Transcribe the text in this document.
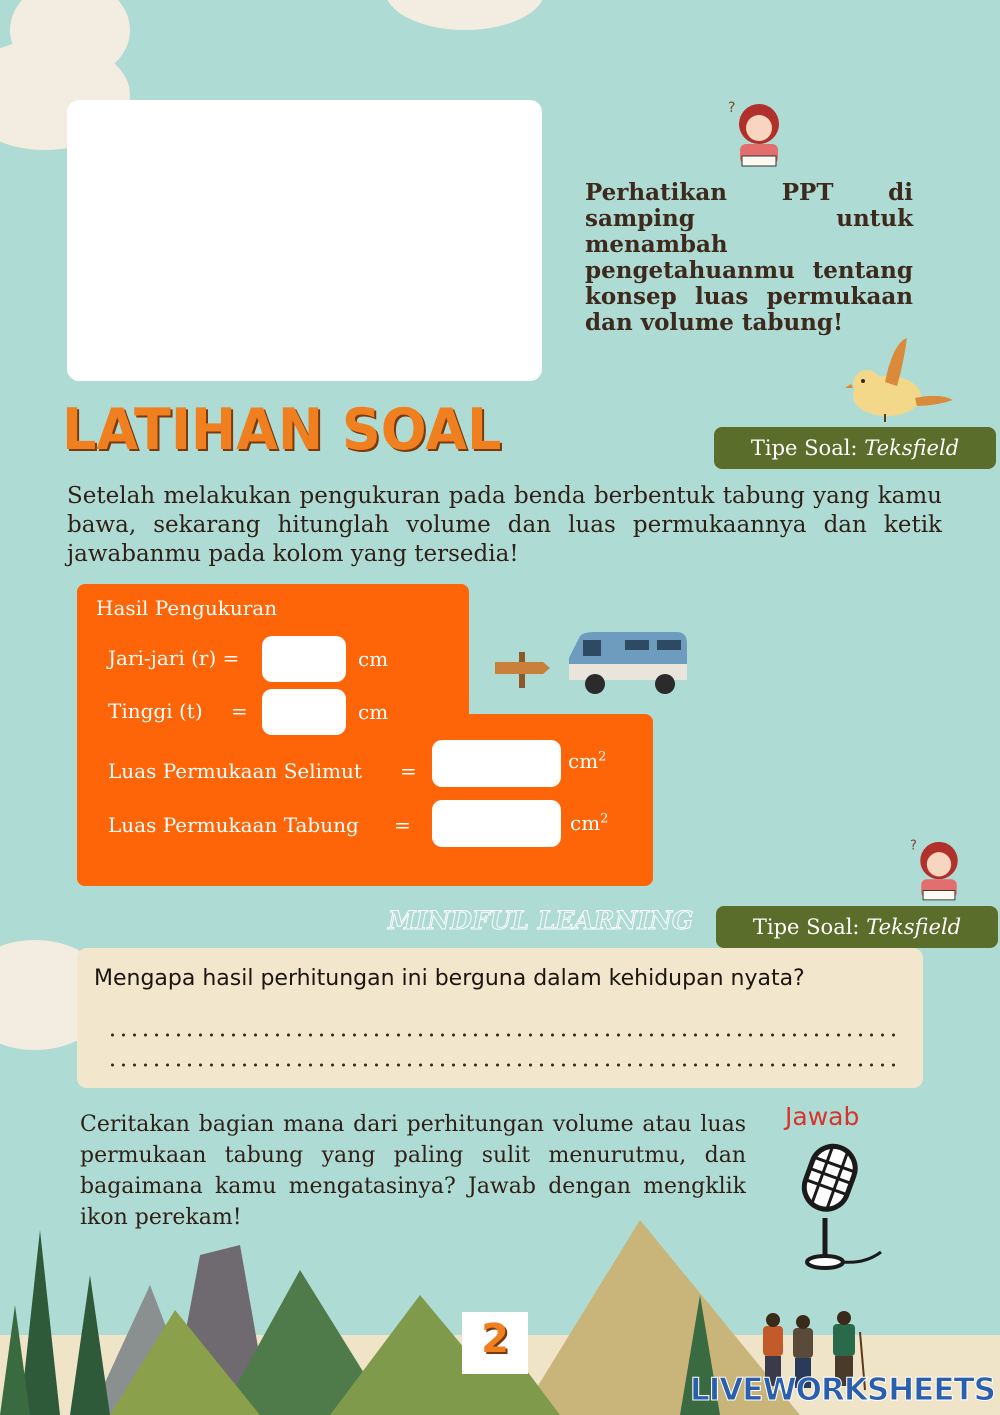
?
Perhatikan PPT di samping untuk menambah pengetahuanmu tentang konsep luas permukaan dan volume tabung!
LATIHAN SOAL	Tipe Soal: Teksfield
Setelah melakukan pengukuran pada benda berbentuk tabung yang kamu bawa, sekarang hitunglah volume dan luas permukaannya dan ketik jawabanmu pada kolom yang tersedia!
Hasil Pengukuran
Jari-jari (r) =	cm
Tinggi (t) =	cm
Luas Permukaan Selimut =	$cm^2$
Luas Permukaan Tabung =	$cm^2$
?
MINDFUL LEARNING	Tipe Soal: Teksfield
Mengapa hasil perhitungan ini berguna dalam kehidupan nyata?
Ceritakan bagian mana dari perhitungan volume atau luas permukaan tabung yang paling sulit menurutmu, dan bagaimana kamu mengatasinya? Jawab dengan mengklik ikon perekam!
Jawab
2
LIVEWORKSHEETS
